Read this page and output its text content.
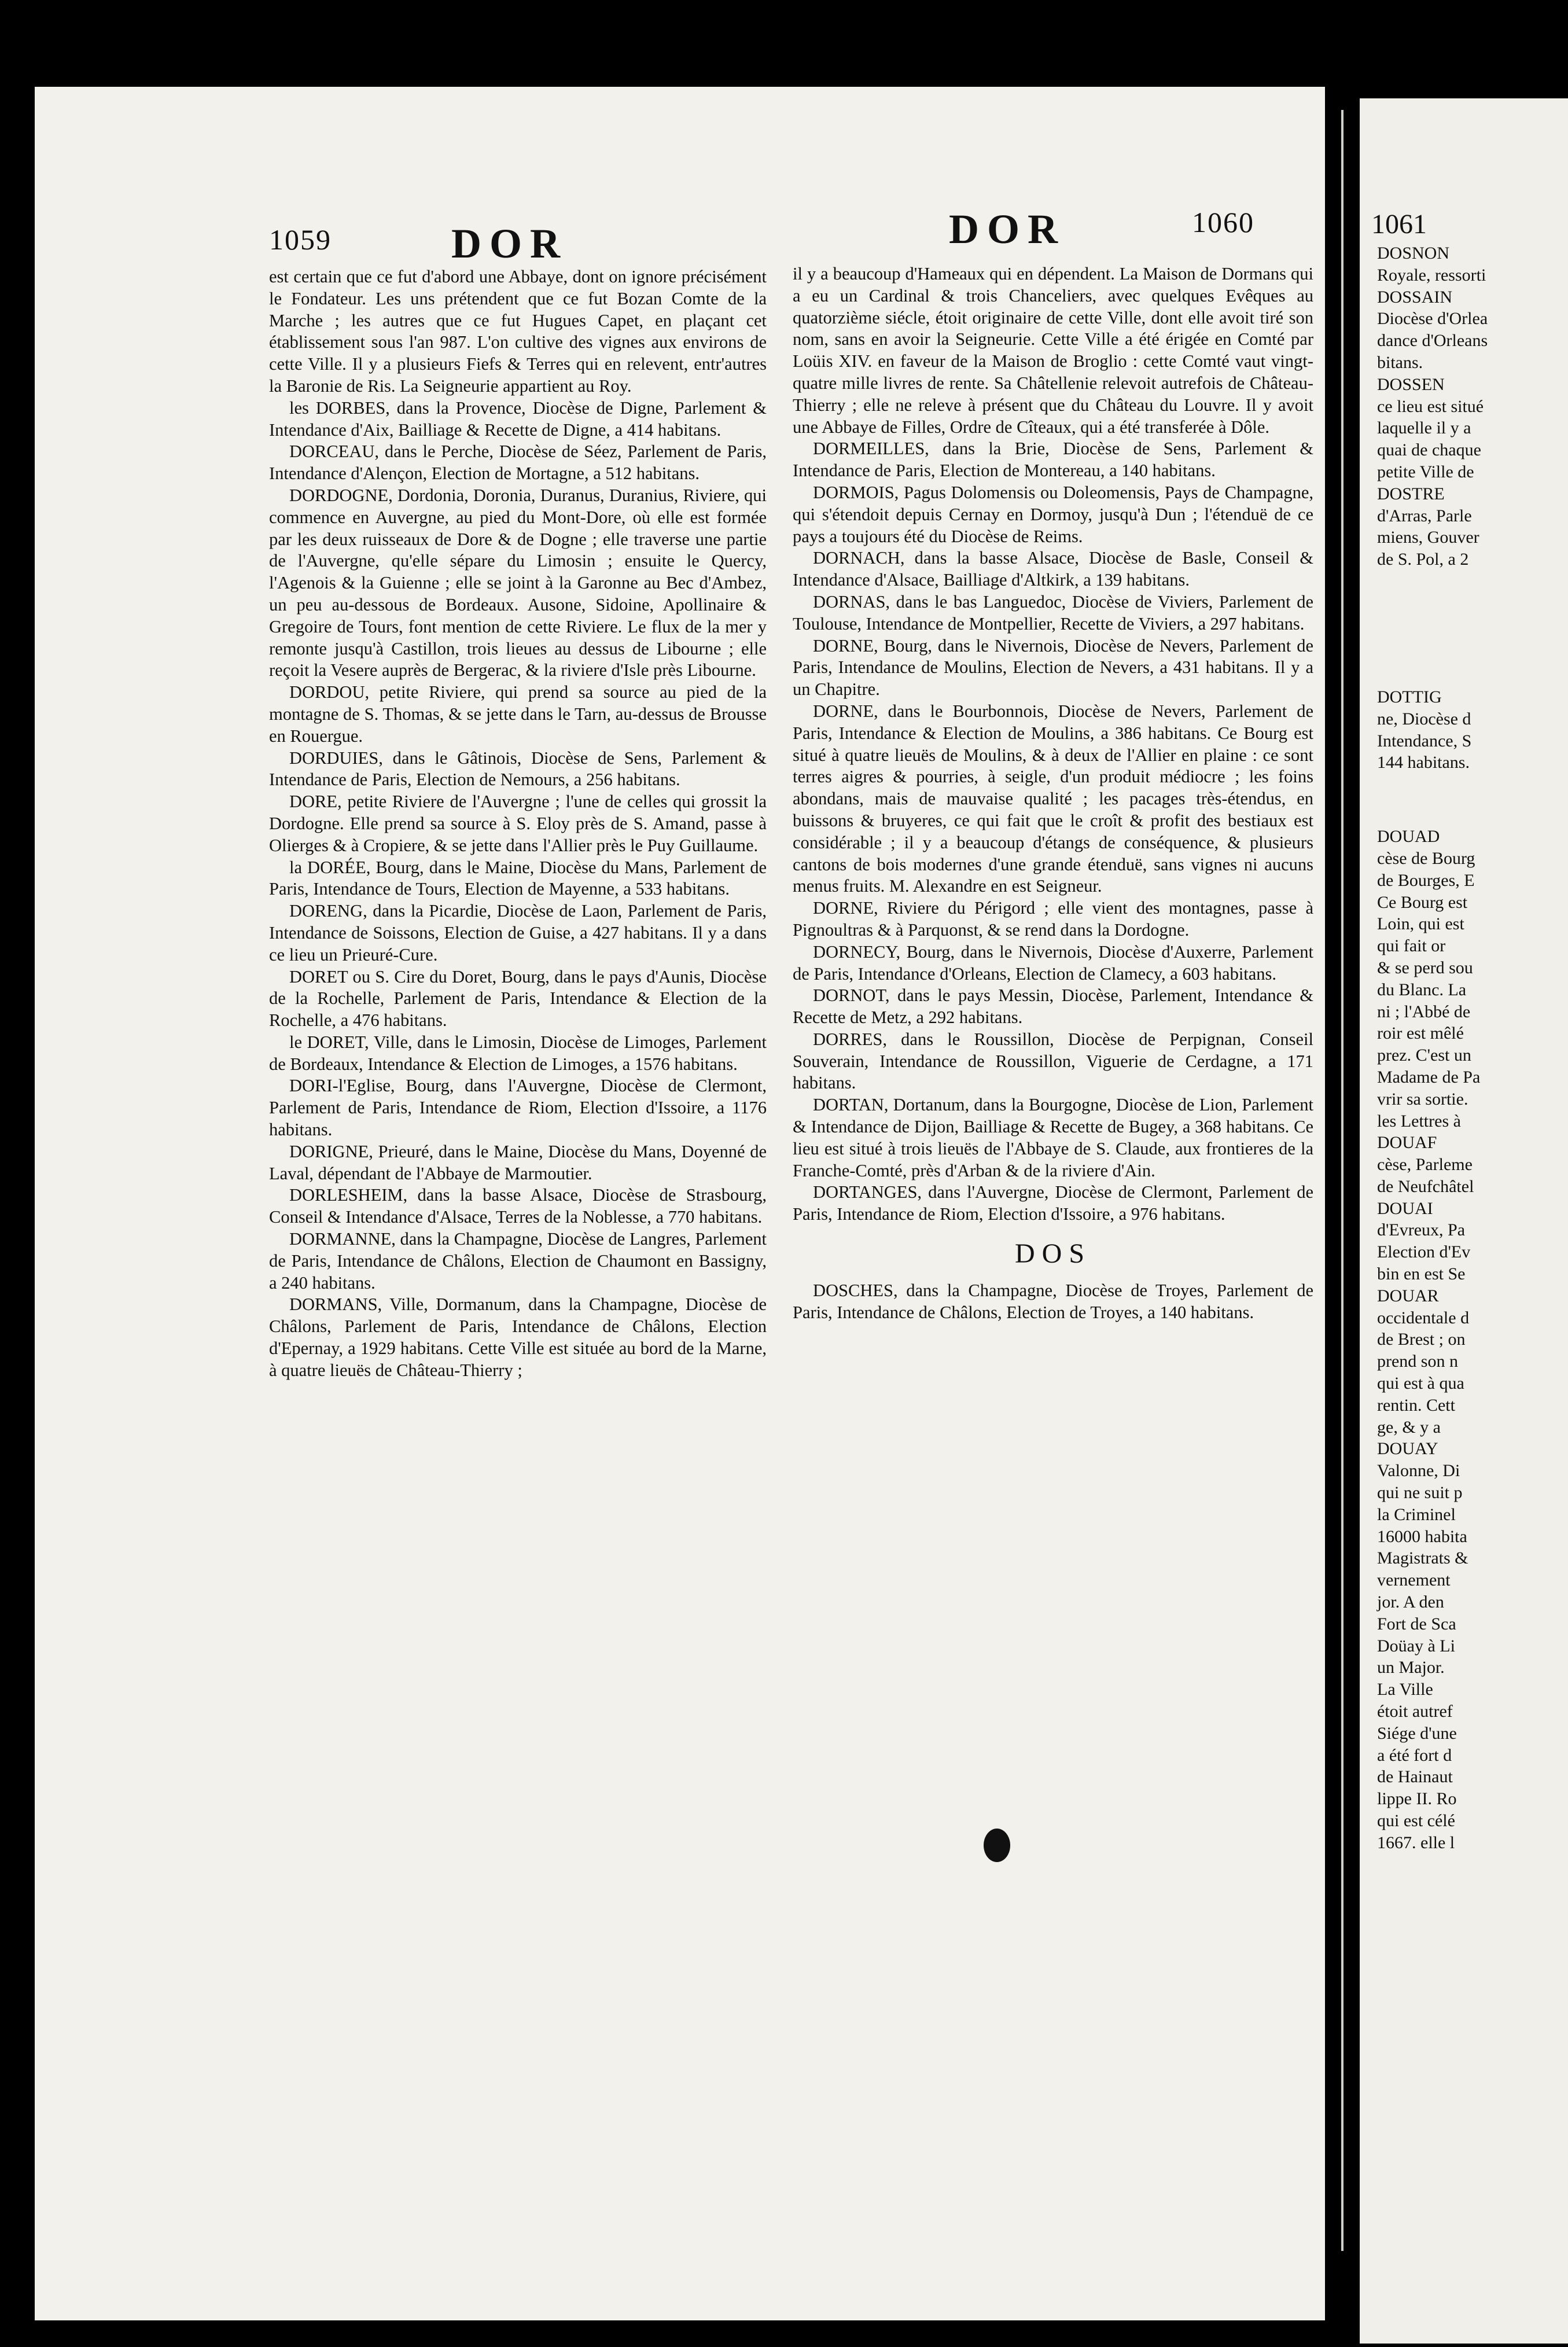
1059	DOR	DOR	1060

est certain que ce fut d'abord une Abbaye, dont on ignore précisément le Fondateur. Les uns prétendent que ce fut Bozan Comte de la Marche ; les autres que ce fut Hugues Capet, en plaçant cet établissement sous l'an 987. L'on cultive des vignes aux environs de cette Ville. Il y a plusieurs Fiefs & Terres qui en relevent, entr'autres la Baronie de Ris. La Seigneurie appartient au Roy.

les DORBES, dans la Provence, Diocèse de Digne, Parlement & Intendance d'Aix, Bailliage & Recette de Digne, a 414 habitans.

DORCEAU, dans le Perche, Diocèse de Séez, Parlement de Paris, Intendance d'Alençon, Election de Mortagne, a 512 habitans.

DORDOGNE, Dordonia, Doronia, Duranus, Duranius, Riviere, qui commence en Auvergne, au pied du Mont-Dore, où elle est formée par les deux ruisseaux de Dore & de Dogne ; elle traverse une partie de l'Auvergne, qu'elle sépare du Limosin ; ensuite le Quercy, l'Agenois & la Guienne ; elle se joint à la Garonne au Bec d'Ambez, un peu au-dessous de Bordeaux. Ausone, Sidoine, Apollinaire & Gregoire de Tours, font mention de cette Riviere. Le flux de la mer y remonte jusqu'à Castillon, trois lieues au dessus de Libourne ; elle reçoit la Vesere auprès de Bergerac, & la riviere d'Isle près Libourne.

DORDOU, petite Riviere, qui prend sa source au pied de la montagne de S. Thomas, & se jette dans le Tarn, au-dessus de Brousse en Rouergue.

DORDUIES, dans le Gâtinois, Diocèse de Sens, Parlement & Intendance de Paris, Election de Nemours, a 256 habitans.

DORE, petite Riviere de l'Auvergne ; l'une de celles qui grossit la Dordogne. Elle prend sa source à S. Eloy près de S. Amand, passe à Olierges & à Cropiere, & se jette dans l'Allier près le Puy Guillaume.

la DORÉE, Bourg, dans le Maine, Diocèse du Mans, Parlement de Paris, Intendance de Tours, Election de Mayenne, a 533 habitans.

DORENG, dans la Picardie, Diocèse de Laon, Parlement de Paris, Intendance de Soissons, Election de Guise, a 427 habitans. Il y a dans ce lieu un Prieuré-Cure.

DORET ou S. Cire du Doret, Bourg, dans le pays d'Aunis, Diocèse de la Rochelle, Parlement de Paris, Intendance & Election de la Rochelle, a 476 habitans.

le DORET, Ville, dans le Limosin, Diocèse de Limoges, Parlement de Bordeaux, Intendance & Election de Limoges, a 1576 habitans.

DORI-l'Eglise, Bourg, dans l'Auvergne, Diocèse de Clermont, Parlement de Paris, Intendance de Riom, Election d'Issoire, a 1176 habitans.

DORIGNE, Prieuré, dans le Maine, Diocèse du Mans, Doyenné de Laval, dépendant de l'Abbaye de Marmoutier.

DORLESHEIM, dans la basse Alsace, Diocèse de Strasbourg, Conseil & Intendance d'Alsace, Terres de la Noblesse, a 770 habitans.

DORMANNE, dans la Champagne, Diocèse de Langres, Parlement de Paris, Intendance de Châlons, Election de Chaumont en Bassigny, a 240 habitans.

DORMANS, Ville, Dormanum, dans la Champagne, Diocèse de Châlons, Parlement de Paris, Intendance de Châlons, Election d'Epernay, a 1929 habitans. Cette Ville est située au bord de la Marne, à quatre lieuës de Château-Thierry ;

il y a beaucoup d'Hameaux qui en dépendent. La Maison de Dormans qui a eu un Cardinal & trois Chanceliers, avec quelques Evêques au quatorzième siécle, étoit originaire de cette Ville, dont elle avoit tiré son nom, sans en avoir la Seigneurie. Cette Ville a été érigée en Comté par Loüis XIV. en faveur de la Maison de Broglio : cette Comté vaut vingt-quatre mille livres de rente. Sa Châtellenie relevoit autrefois de Château-Thierry ; elle ne releve à présent que du Château du Louvre. Il y avoit une Abbaye de Filles, Ordre de Cîteaux, qui a été transferée à Dôle.

DORMEILLES, dans la Brie, Diocèse de Sens, Parlement & Intendance de Paris, Election de Montereau, a 140 habitans.

DORMOIS, Pagus Dolomensis ou Doleomensis, Pays de Champagne, qui s'étendoit depuis Cernay en Dormoy, jusqu'à Dun ; l'étenduë de ce pays a toujours été du Diocèse de Reims.

DORNACH, dans la basse Alsace, Diocèse de Basle, Conseil & Intendance d'Alsace, Bailliage d'Altkirk, a 139 habitans.

DORNAS, dans le bas Languedoc, Diocèse de Viviers, Parlement de Toulouse, Intendance de Montpellier, Recette de Viviers, a 297 habitans.

DORNE, Bourg, dans le Nivernois, Diocèse de Nevers, Parlement de Paris, Intendance de Moulins, Election de Nevers, a 431 habitans. Il y a un Chapitre.

DORNE, dans le Bourbonnois, Diocèse de Nevers, Parlement de Paris, Intendance & Election de Moulins, a 386 habitans. Ce Bourg est situé à quatre lieuës de Moulins, & à deux de l'Allier en plaine : ce sont terres aigres & pourries, à seigle, d'un produit médiocre ; les foins abondans, mais de mauvaise qualité ; les pacages très-étendus, en buissons & bruyeres, ce qui fait que le croît & profit des bestiaux est considérable ; il y a beaucoup d'étangs de conséquence, & plusieurs cantons de bois modernes d'une grande étenduë, sans vignes ni aucuns menus fruits. M. Alexandre en est Seigneur.

DORNE, Riviere du Périgord ; elle vient des montagnes, passe à Pignoultras & à Parquonst, & se rend dans la Dordogne.

DORNECY, Bourg, dans le Nivernois, Diocèse d'Auxerre, Parlement de Paris, Intendance d'Orleans, Election de Clamecy, a 603 habitans.

DORNOT, dans le pays Messin, Diocèse, Parlement, Intendance & Recette de Metz, a 292 habitans.

DORRES, dans le Roussillon, Diocèse de Perpignan, Conseil Souverain, Intendance de Roussillon, Viguerie de Cerdagne, a 171 habitans.

DORTAN, Dortanum, dans la Bourgogne, Diocèse de Lion, Parlement & Intendance de Dijon, Bailliage & Recette de Bugey, a 368 habitans. Ce lieu est situé à trois lieuës de l'Abbaye de S. Claude, aux frontieres de la Franche-Comté, près d'Arban & de la riviere d'Ain.

DORTANGES, dans l'Auvergne, Diocèse de Clermont, Parlement de Paris, Intendance de Riom, Election d'Issoire, a 976 habitans.

DOS

DOSCHES, dans la Champagne, Diocèse de Troyes, Parlement de Paris, Intendance de Châlons, Election de Troyes, a 140 habitans.

1061
DOSNON
Royale, ressorti
DOSSAIN
Diocèse d'Orlea
dance d'Orleans
bitans.
DOSSEN
ce lieu est situé
laquelle il y a
quai de chaque
petite Ville de
DOSTRE
d'Arras, Parle
miens, Gouver
de S. Pol, a 2
DOTTIG
ne, Diocèse d
Intendance, S
144 habitans.
DOUAD
cèse de Bourg
de Bourges, E
Ce Bourg est
Loin, qui est
qui fait or
& se perd sou
du Blanc. La
ni ; l'Abbé de
roir est mêlé
prez. C'est un
Madame de Pa
vrir sa sortie.
les Lettres à
DOUAF
cèse, Parleme
de Neufchâtel
DOUAI
d'Evreux, Pa
Election d'Ev
bin en est Se
DOUAR
occidentale d
de Brest ; on
prend son n
qui est à qua
rentin. Cett
ge, & y a
DOUAY
Valonne, Di
qui ne suit p
la Criminel
16000 habita
Magistrats &
vernement
jor. A den
Fort de Sca
Doüay à Li
un Major.
La Ville
étoit autref
Siége d'une
a été fort d
de Hainaut
lippe II. Ro
qui est célé
1667. elle l
